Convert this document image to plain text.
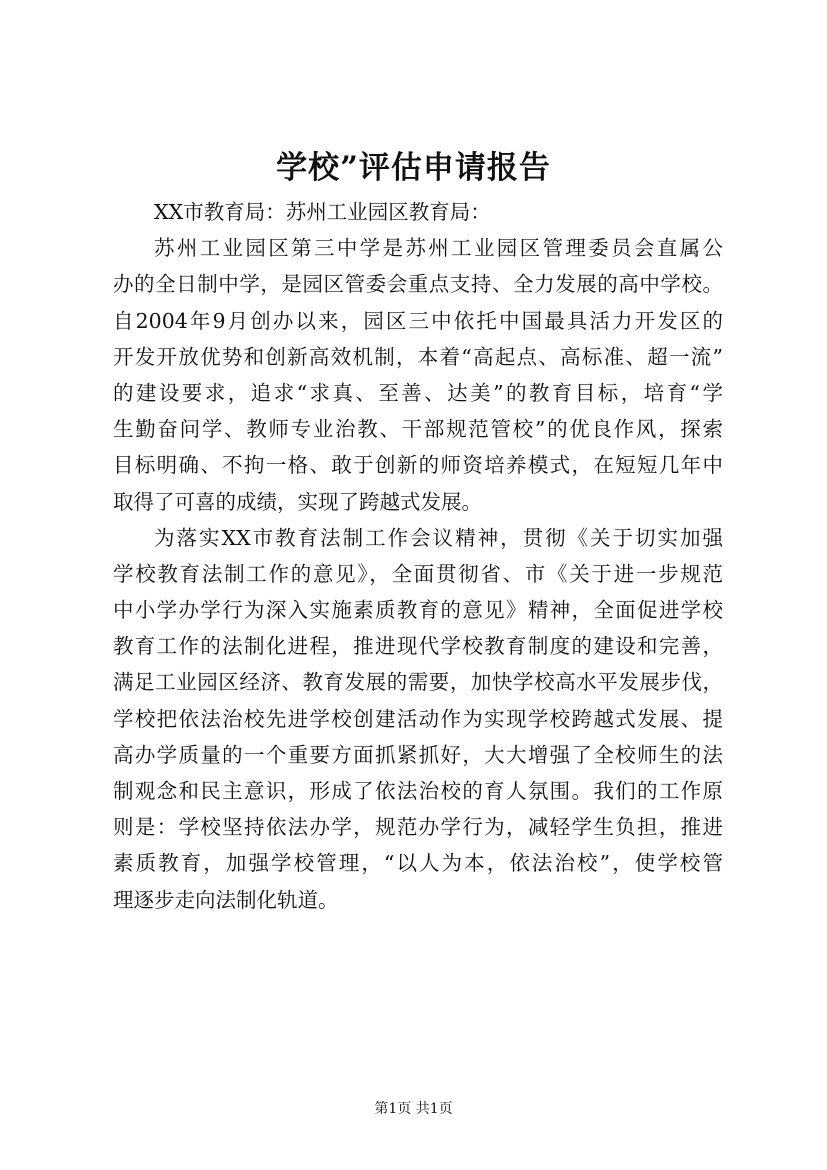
学校”评估申请报告
XX市教育局：苏州工业园区教育局：
苏州工业园区第三中学是苏州工业园区管理委员会直属公
办的全日制中学，是园区管委会重点支持、全力发展的高中学校。
自2004年9月创办以来，园区三中依托中国最具活力开发区的
开发开放优势和创新高效机制，本着“高起点、高标准、超一流”
的建设要求，追求“求真、至善、达美”的教育目标，培育“学
生勤奋问学、教师专业治教、干部规范管校”的优良作风，探索
目标明确、不拘一格、敢于创新的师资培养模式，在短短几年中
取得了可喜的成绩，实现了跨越式发展。
为落实XX市教育法制工作会议精神，贯彻《关于切实加强
学校教育法制工作的意见》，全面贯彻省、市《关于进一步规范
中小学办学行为深入实施素质教育的意见》精神，全面促进学校
教育工作的法制化进程，推进现代学校教育制度的建设和完善，
满足工业园区经济、教育发展的需要，加快学校高水平发展步伐，
学校把依法治校先进学校创建活动作为实现学校跨越式发展、提
高办学质量的一个重要方面抓紧抓好，大大增强了全校师生的法
制观念和民主意识，形成了依法治校的育人氛围。我们的工作原
则是：学校坚持依法办学，规范办学行为，减轻学生负担，推进
素质教育，加强学校管理，“以人为本，依法治校”，使学校管
理逐步走向法制化轨道。
第1页 共1页
